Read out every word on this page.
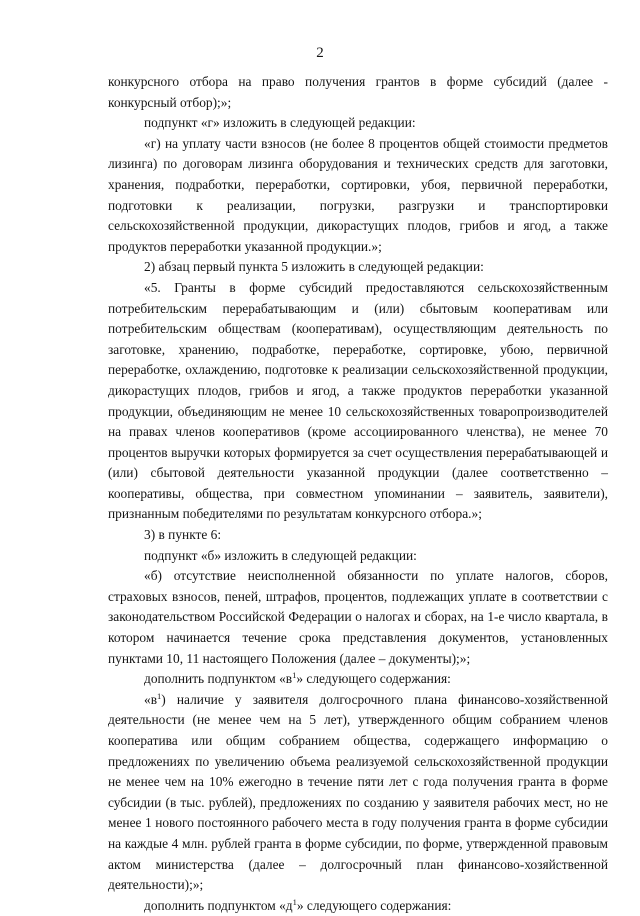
2

конкурсного отбора на право получения грантов в форме субсидий (далее - конкурсный отбор);»;

подпункт «г» изложить в следующей редакции:

«г) на уплату части взносов (не более 8 процентов общей стоимости предметов лизинга) по договорам лизинга оборудования и технических средств для заготовки, хранения, подработки, переработки, сортировки, убоя, первичной переработки, подготовки к реализации, погрузки, разгрузки и транспортировки сельскохозяйственной продукции, дикорастущих плодов, грибов и ягод, а также продуктов переработки указанной продукции.»;

2) абзац первый пункта 5 изложить в следующей редакции:

«5. Гранты в форме субсидий предоставляются сельскохозяйственным потребительским перерабатывающим и (или) сбытовым кооперативам или потребительским обществам (кооперативам), осуществляющим деятельность по заготовке, хранению, подработке, переработке, сортировке, убою, первичной переработке, охлаждению, подготовке к реализации сельскохозяйственной продукции, дикорастущих плодов, грибов и ягод, а также продуктов переработки указанной продукции, объединяющим не менее 10 сельскохозяйственных товаропроизводителей на правах членов кооперативов (кроме ассоциированного членства), не менее 70 процентов выручки которых формируется за счет осуществления перерабатывающей и (или) сбытовой деятельности указанной продукции (далее соответственно – кооперативы, общества, при совместном упоминании – заявитель, заявители), признанным победителями по результатам конкурсного отбора.»;

3) в пункте 6:

подпункт «б» изложить в следующей редакции:

«б) отсутствие неисполненной обязанности по уплате налогов, сборов, страховых взносов, пеней, штрафов, процентов, подлежащих уплате в соответствии с законодательством Российской Федерации о налогах и сборах, на 1-е число квартала, в котором начинается течение срока представления документов, установленных пунктами 10, 11 настоящего Положения (далее – документы);»;

дополнить подпунктом «$в^1$» следующего содержания:

«$в^1$) наличие у заявителя долгосрочного плана финансово-хозяйственной деятельности (не менее чем на 5 лет), утвержденного общим собранием членов кооператива или общим собранием общества, содержащего информацию о предложениях по увеличению объема реализуемой сельскохозяйственной продукции не менее чем на 10% ежегодно в течение пяти лет с года получения гранта в форме субсидии (в тыс. рублей), предложениях по созданию у заявителя рабочих мест, но не менее 1 нового постоянного рабочего места в году получения гранта в форме субсидии на каждые 4 млн. рублей гранта в форме субсидии, по форме, утвержденной правовым актом министерства (далее – долгосрочный план финансово-хозяйственной деятельности);»;

дополнить подпунктом «$д^1$» следующего содержания:
